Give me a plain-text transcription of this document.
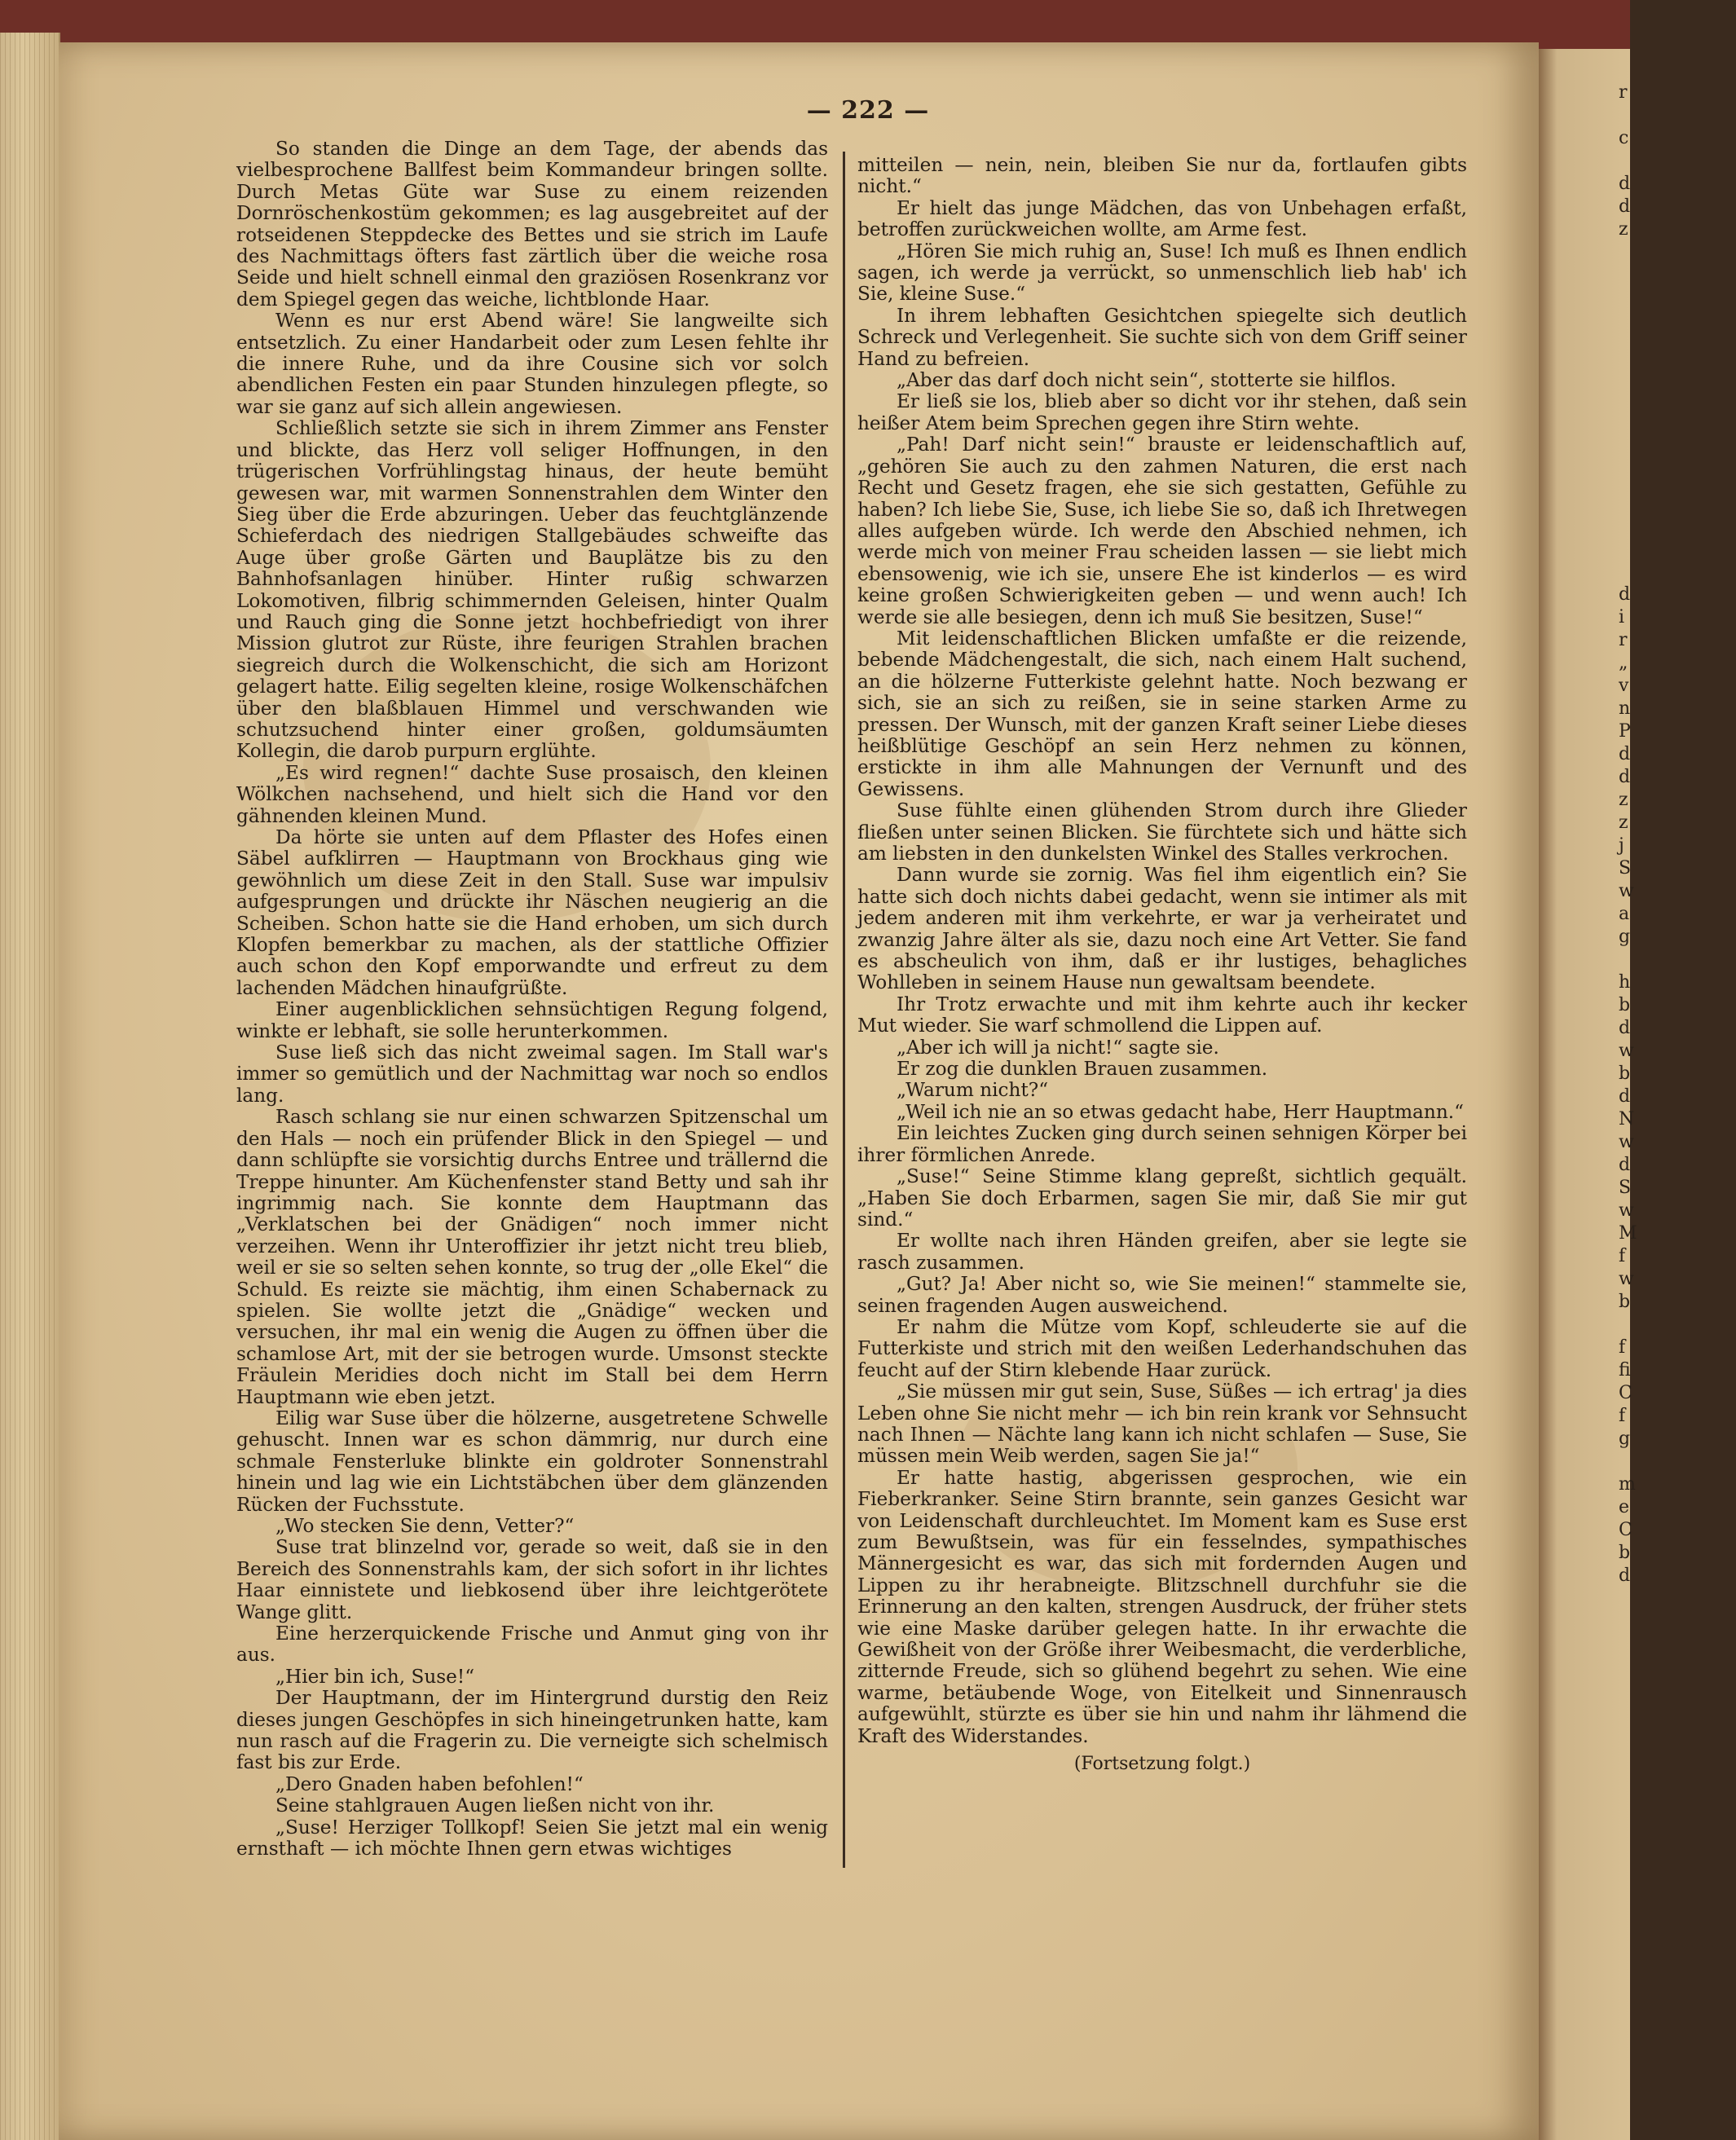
r

c

d
d
z

d
i
r
„
v
n
P
d
d
z
z
j
S
w
a
g

h
b
d
w
b
d
N
w
d
S
w
M
f
w
b

f
fi
C
f
g

m
e
C
b
d
— 222 —

So standen die Dinge an dem Tage, der abends das vielbesprochene Ballfest beim Kommandeur bringen sollte. Durch Metas Güte war Suse zu einem reizenden Dornröschenkostüm gekommen; es lag ausgebreitet auf der rotseidenen Steppdecke des Bettes und sie strich im Laufe des Nachmittags öfters fast zärtlich über die weiche rosa Seide und hielt schnell einmal den graziösen Rosenkranz vor dem Spiegel gegen das weiche, lichtblonde Haar.

Wenn es nur erst Abend wäre! Sie langweilte sich entsetzlich. Zu einer Handarbeit oder zum Lesen fehlte ihr die innere Ruhe, und da ihre Cousine sich vor solch abendlichen Festen ein paar Stunden hinzulegen pflegte, so war sie ganz auf sich allein angewiesen.

Schließlich setzte sie sich in ihrem Zimmer ans Fenster und blickte, das Herz voll seliger Hoffnungen, in den trügerischen Vorfrühlingstag hinaus, der heute bemüht gewesen war, mit warmen Sonnenstrahlen dem Winter den Sieg über die Erde abzuringen. Ueber das feuchtglänzende Schieferdach des niedrigen Stallgebäudes schweifte das Auge über große Gärten und Bauplätze bis zu den Bahnhofsanlagen hinüber. Hinter rußig schwarzen Lokomotiven, filbrig schimmernden Geleisen, hinter Qualm und Rauch ging die Sonne jetzt hochbefriedigt von ihrer Mission glutrot zur Rüste, ihre feurigen Strahlen brachen siegreich durch die Wolkenschicht, die sich am Horizont gelagert hatte. Eilig segelten kleine, rosige Wolkenschäfchen über den blaßblauen Himmel und verschwanden wie schutzsuchend hinter einer großen, goldumsäumten Kollegin, die darob purpurn erglühte.

„Es wird regnen!“ dachte Suse prosaisch, den kleinen Wölkchen nachsehend, und hielt sich die Hand vor den gähnenden kleinen Mund.

Da hörte sie unten auf dem Pflaster des Hofes einen Säbel aufklirren — Hauptmann von Brockhaus ging wie gewöhnlich um diese Zeit in den Stall. Suse war impulsiv aufgesprungen und drückte ihr Näschen neugierig an die Scheiben. Schon hatte sie die Hand erhoben, um sich durch Klopfen bemerkbar zu machen, als der stattliche Offizier auch schon den Kopf emporwandte und erfreut zu dem lachenden Mädchen hinaufgrüßte.

Einer augenblicklichen sehnsüchtigen Regung folgend, winkte er lebhaft, sie solle herunterkommen.

Suse ließ sich das nicht zweimal sagen. Im Stall war's immer so gemütlich und der Nachmittag war noch so endlos lang.

Rasch schlang sie nur einen schwarzen Spitzenschal um den Hals — noch ein prüfender Blick in den Spiegel — und dann schlüpfte sie vorsichtig durchs Entree und trällernd die Treppe hinunter. Am Küchenfenster stand Betty und sah ihr ingrimmig nach. Sie konnte dem Hauptmann das „Verklatschen bei der Gnädigen“ noch immer nicht verzeihen. Wenn ihr Unteroffizier ihr jetzt nicht treu blieb, weil er sie so selten sehen konnte, so trug der „olle Ekel“ die Schuld. Es reizte sie mächtig, ihm einen Schabernack zu spielen. Sie wollte jetzt die „Gnädige“ wecken und versuchen, ihr mal ein wenig die Augen zu öffnen über die schamlose Art, mit der sie betrogen wurde. Umsonst steckte Fräulein Meridies doch nicht im Stall bei dem Herrn Hauptmann wie eben jetzt.

Eilig war Suse über die hölzerne, ausgetretene Schwelle gehuscht. Innen war es schon dämmrig, nur durch eine schmale Fensterluke blinkte ein goldroter Sonnenstrahl hinein und lag wie ein Lichtstäbchen über dem glänzenden Rücken der Fuchsstute.

„Wo stecken Sie denn, Vetter?“

Suse trat blinzelnd vor, gerade so weit, daß sie in den Bereich des Sonnenstrahls kam, der sich sofort in ihr lichtes Haar einnistete und liebkosend über ihre leichtgerötete Wange glitt.

Eine herzerquickende Frische und Anmut ging von ihr aus.

„Hier bin ich, Suse!“

Der Hauptmann, der im Hintergrund durstig den Reiz dieses jungen Geschöpfes in sich hineingetrunken hatte, kam nun rasch auf die Fragerin zu. Die verneigte sich schelmisch fast bis zur Erde.

„Dero Gnaden haben befohlen!“

Seine stahlgrauen Augen ließen nicht von ihr.

„Suse! Herziger Tollkopf! Seien Sie jetzt mal ein wenig ernsthaft — ich möchte Ihnen gern etwas wichtiges

mitteilen — nein, nein, bleiben Sie nur da, fortlaufen gibts nicht.“

Er hielt das junge Mädchen, das von Unbehagen erfaßt, betroffen zurückweichen wollte, am Arme fest.

„Hören Sie mich ruhig an, Suse! Ich muß es Ihnen endlich sagen, ich werde ja verrückt, so unmenschlich lieb hab' ich Sie, kleine Suse.“

In ihrem lebhaften Gesichtchen spiegelte sich deutlich Schreck und Verlegenheit. Sie suchte sich von dem Griff seiner Hand zu befreien.

„Aber das darf doch nicht sein“, stotterte sie hilflos.

Er ließ sie los, blieb aber so dicht vor ihr stehen, daß sein heißer Atem beim Sprechen gegen ihre Stirn wehte.

„Pah! Darf nicht sein!“ brauste er leidenschaftlich auf, „gehören Sie auch zu den zahmen Naturen, die erst nach Recht und Gesetz fragen, ehe sie sich gestatten, Gefühle zu haben? Ich liebe Sie, Suse, ich liebe Sie so, daß ich Ihretwegen alles aufgeben würde. Ich werde den Abschied nehmen, ich werde mich von meiner Frau scheiden lassen — sie liebt mich ebensowenig, wie ich sie, unsere Ehe ist kinderlos — es wird keine großen Schwierigkeiten geben — und wenn auch! Ich werde sie alle besiegen, denn ich muß Sie besitzen, Suse!“

Mit leidenschaftlichen Blicken umfaßte er die reizende, bebende Mädchengestalt, die sich, nach einem Halt suchend, an die hölzerne Futterkiste gelehnt hatte. Noch bezwang er sich, sie an sich zu reißen, sie in seine starken Arme zu pressen. Der Wunsch, mit der ganzen Kraft seiner Liebe dieses heißblütige Geschöpf an sein Herz nehmen zu können, erstickte in ihm alle Mahnungen der Vernunft und des Gewissens.

Suse fühlte einen glühenden Strom durch ihre Glieder fließen unter seinen Blicken. Sie fürchtete sich und hätte sich am liebsten in den dunkelsten Winkel des Stalles verkrochen.

Dann wurde sie zornig. Was fiel ihm eigentlich ein? Sie hatte sich doch nichts dabei gedacht, wenn sie intimer als mit jedem anderen mit ihm verkehrte, er war ja verheiratet und zwanzig Jahre älter als sie, dazu noch eine Art Vetter. Sie fand es abscheulich von ihm, daß er ihr lustiges, behagliches Wohlleben in seinem Hause nun gewaltsam beendete.

Ihr Trotz erwachte und mit ihm kehrte auch ihr kecker Mut wieder. Sie warf schmollend die Lippen auf.

„Aber ich will ja nicht!“ sagte sie.

Er zog die dunklen Brauen zusammen.

„Warum nicht?“

„Weil ich nie an so etwas gedacht habe, Herr Hauptmann.“

Ein leichtes Zucken ging durch seinen sehnigen Körper bei ihrer förmlichen Anrede.

„Suse!“ Seine Stimme klang gepreßt, sichtlich gequält. „Haben Sie doch Erbarmen, sagen Sie mir, daß Sie mir gut sind.“

Er wollte nach ihren Händen greifen, aber sie legte sie rasch zusammen.

„Gut? Ja! Aber nicht so, wie Sie meinen!“ stammelte sie, seinen fragenden Augen ausweichend.

Er nahm die Mütze vom Kopf, schleuderte sie auf die Futterkiste und strich mit den weißen Lederhandschuhen das feucht auf der Stirn klebende Haar zurück.

„Sie müssen mir gut sein, Suse, Süßes — ich ertrag' ja dies Leben ohne Sie nicht mehr — ich bin rein krank vor Sehnsucht nach Ihnen — Nächte lang kann ich nicht schlafen — Suse, Sie müssen mein Weib werden, sagen Sie ja!“

Er hatte hastig, abgerissen gesprochen, wie ein Fieberkranker. Seine Stirn brannte, sein ganzes Gesicht war von Leidenschaft durchleuchtet. Im Moment kam es Suse erst zum Bewußtsein, was für ein fesselndes, sympathisches Männergesicht es war, das sich mit fordernden Augen und Lippen zu ihr herabneigte. Blitzschnell durchfuhr sie die Erinnerung an den kalten, strengen Ausdruck, der früher stets wie eine Maske darüber gelegen hatte. In ihr erwachte die Gewißheit von der Größe ihrer Weibesmacht, die verderbliche, zitternde Freude, sich so glühend begehrt zu sehen. Wie eine warme, betäubende Woge, von Eitelkeit und Sinnenrausch aufgewühlt, stürzte es über sie hin und nahm ihr lähmend die Kraft des Widerstandes.

(Fortsetzung folgt.)
